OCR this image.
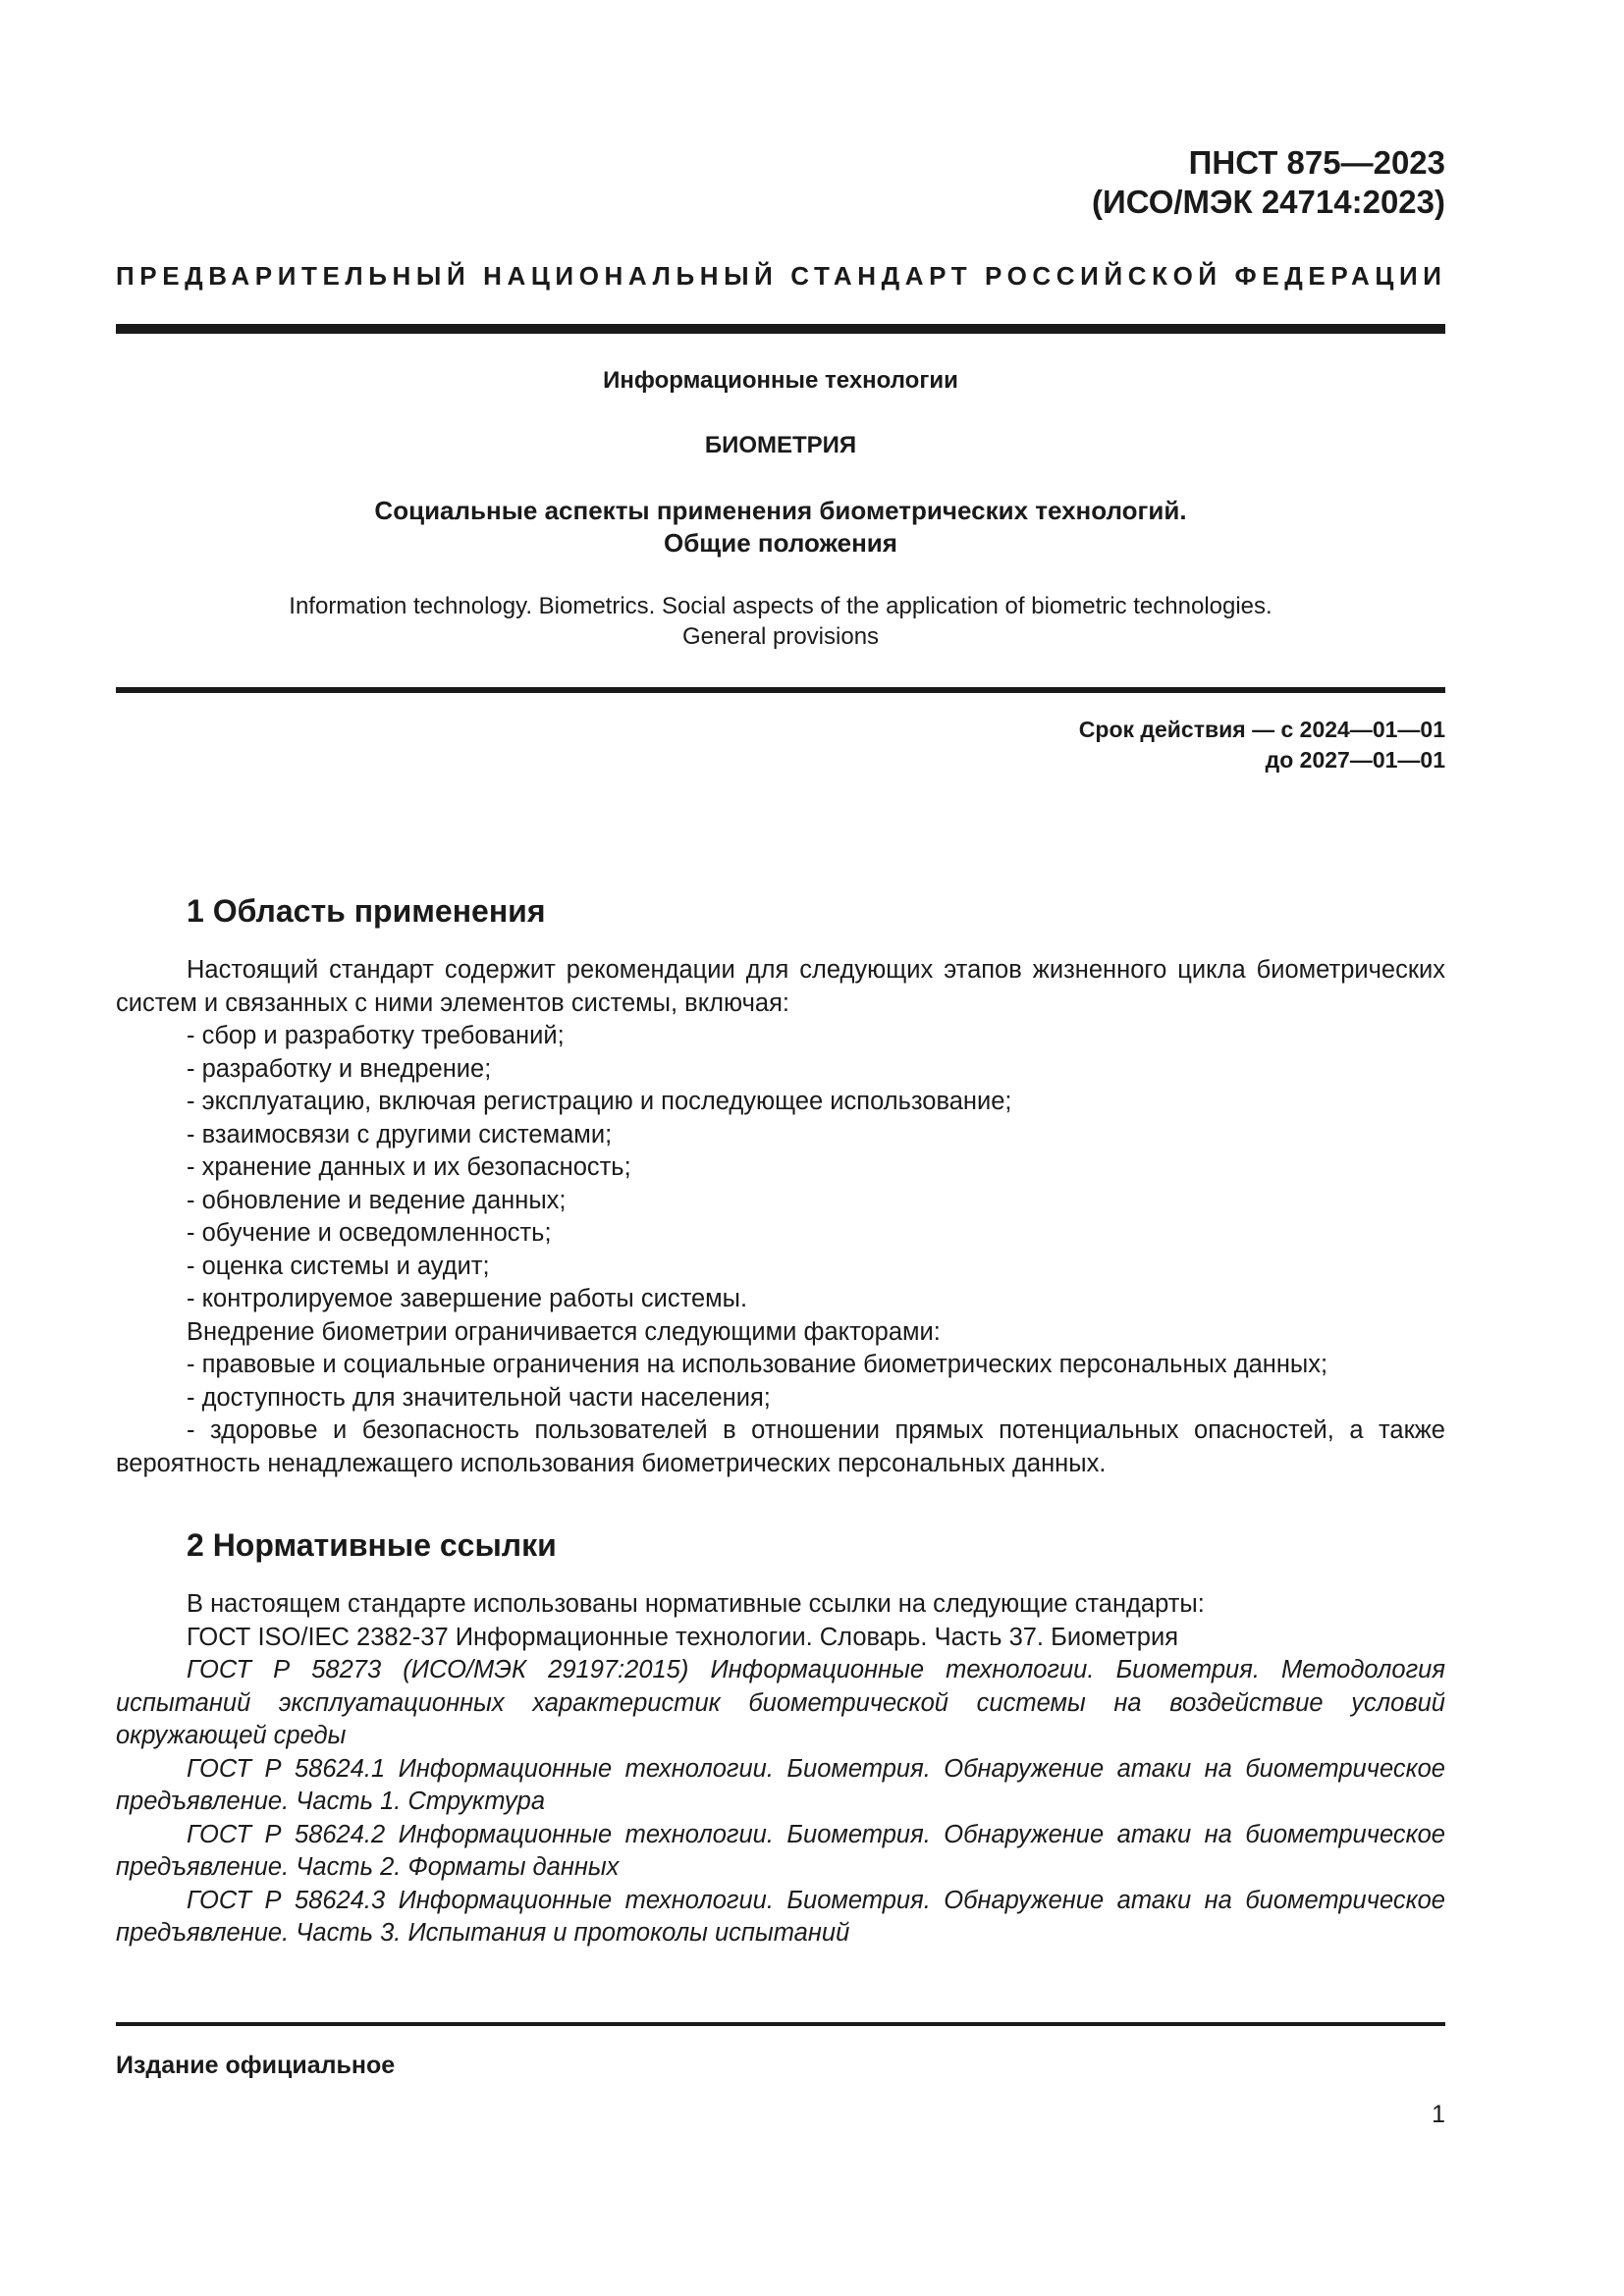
ПНСТ 875—2023
(ИСО/МЭК 24714:2023)
ПРЕДВАРИТЕЛЬНЫЙ НАЦИОНАЛЬНЫЙ СТАНДАРТ РОССИЙСКОЙ ФЕДЕРАЦИИ
Информационные технологии
БИОМЕТРИЯ
Социальные аспекты применения биометрических технологий.
Общие положения
Information technology. Biometrics. Social aspects of the application of biometric technologies.
General provisions
Срок действия — с 2024—01—01
до 2027—01—01
1 Область применения

Настоящий стандарт содержит рекомендации для следующих этапов жизненного цикла биометрических систем и связанных с ними элементов системы, включая:

- сбор и разработку требований;
- разработку и внедрение;
- эксплуатацию, включая регистрацию и последующее использование;
- взаимосвязи с другими системами;
- хранение данных и их безопасность;
- обновление и ведение данных;
- обучение и осведомленность;
- оценка системы и аудит;
- контролируемое завершение работы системы.
Внедрение биометрии ограничивается следующими факторами:
- правовые и социальные ограничения на использование биометрических персональных данных;
- доступность для значительной части населения;

- здоровье и безопасность пользователей в отношении прямых потенциальных опасностей, а также вероятность ненадлежащего использования биометрических персональных данных.

2 Нормативные ссылки
В настоящем стандарте использованы нормативные ссылки на следующие стандарты:
ГОСТ ISO/IEC 2382-37 Информационные технологии. Словарь. Часть 37. Биометрия

ГОСТ Р 58273 (ИСО/МЭК 29197:2015) Информационные технологии. Биометрия. Методология испытаний эксплуатационных характеристик биометрической системы на воздействие условий окружающей среды

ГОСТ Р 58624.1 Информационные технологии. Биометрия. Обнаружение атаки на биометрическое предъявление. Часть 1. Структура

ГОСТ Р 58624.2 Информационные технологии. Биометрия. Обнаружение атаки на биометрическое предъявление. Часть 2. Форматы данных

ГОСТ Р 58624.3 Информационные технологии. Биометрия. Обнаружение атаки на биометрическое предъявление. Часть 3. Испытания и протоколы испытаний

Издание официальное
1
